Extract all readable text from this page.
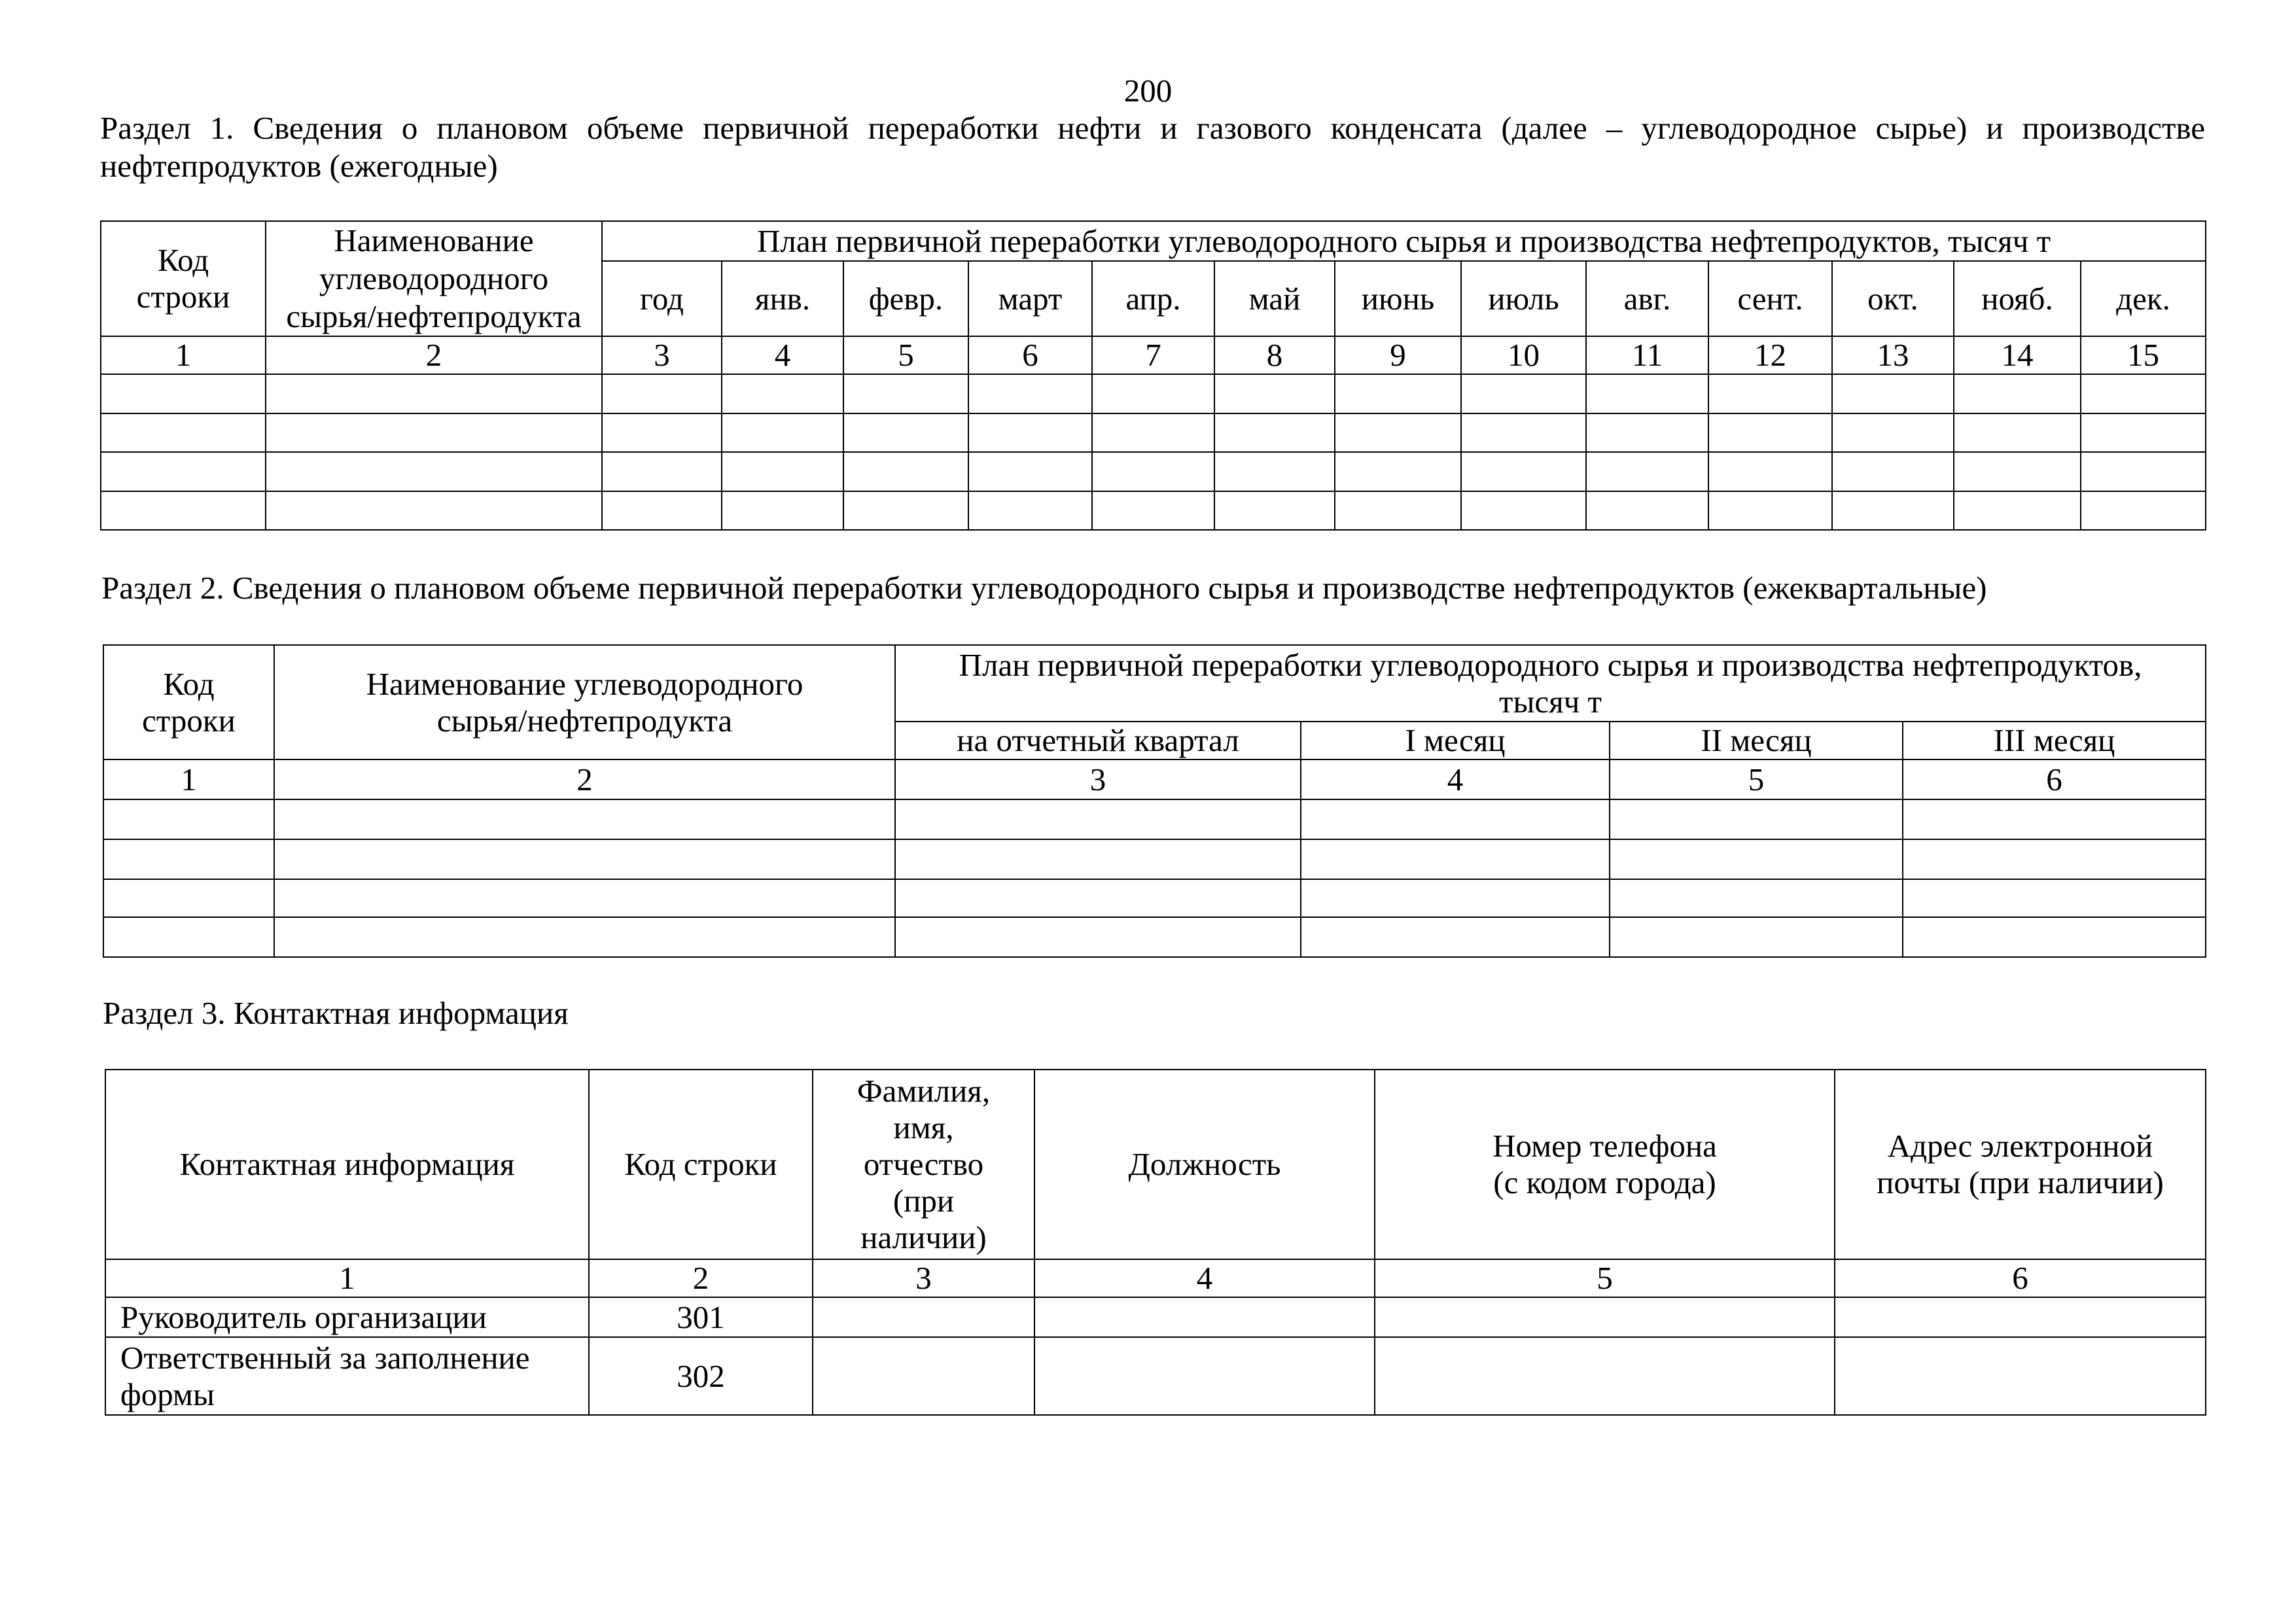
200
Раздел 1. Сведения о плановом объеме первичной переработки нефти и газового конденсата (далее – углеводородное сырье) и производстве
нефтепродуктов (ежегодные)
Код
строки	Наименование
углеводородного
сырья/нефтепродукта	План первичной переработки углеводородного сырья и производства нефтепродуктов, тысяч т												
		год	янв.	февр.	март	апр.	май	июнь	июль	авг.	сент.	окт.	нояб.	дек.
1	2	3	4	5	6	7	8	9	10	11	12	13	14	15

Раздел 2. Сведения о плановом объеме первичной переработки углеводородного сырья и производстве нефтепродуктов (ежеквартальные)
Код
строки	Наименование углеводородного
сырья/нефтепродукта	План первичной переработки углеводородного сырья и производства нефтепродуктов,
тысяч т			
		на отчетный квартал	I месяц	II месяц	III месяц
1	2	3	4	5	6

Раздел 3. Контактная информация
Контактная информация	Код строки	Фамилия,
имя,
отчество
(при
наличии)	Должность	Номер телефона
(с кодом города)	Адрес электронной
почты (при наличии)
1	2	3	4	5	6
Руководитель организации	301				
Ответственный за заполнение
формы	302				
